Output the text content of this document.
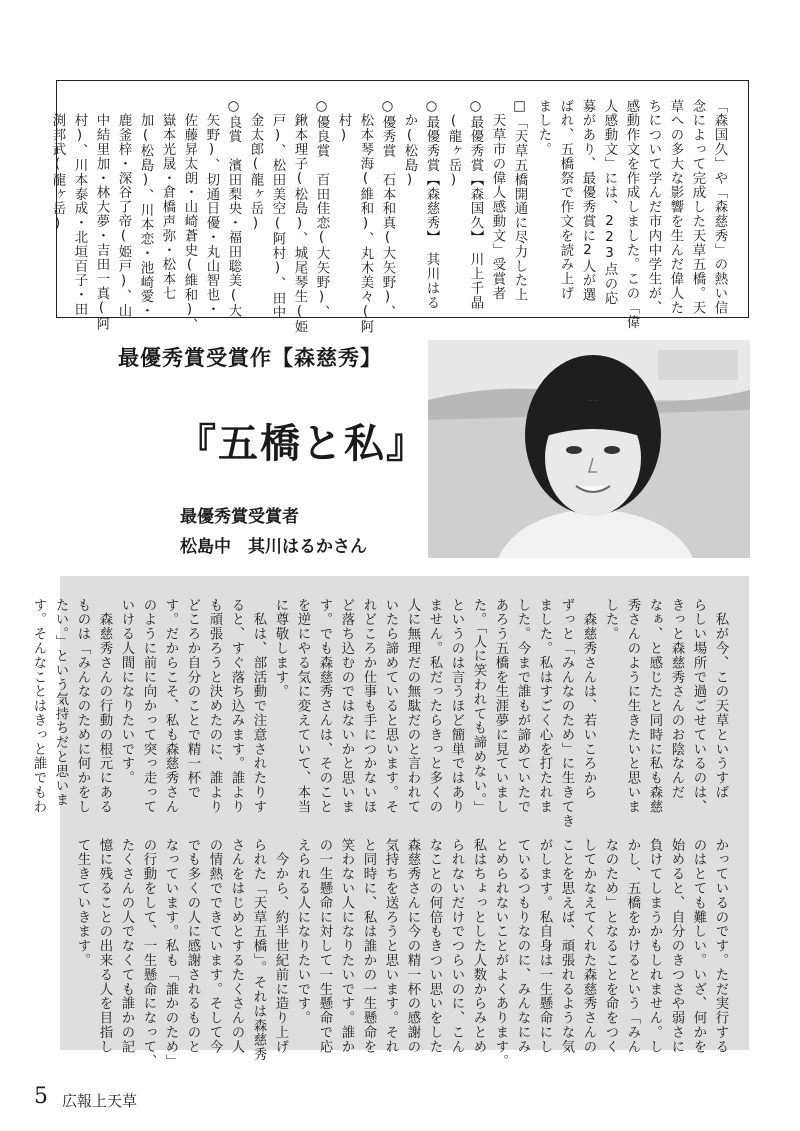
「森国久」や「森慈秀」の熱い信
念によって完成した天草五橋。天
草への多大な影響を生んだ偉人た
ちについて学んだ市内中学生が、
感動作文を作成しました。この「偉
人感動文」には、223点の応
募があり、最優秀賞に2人が選
ばれ、五橋祭で作文を読み上げ
ました。
□「天草五橋開通に尽力した上
　天草市の偉人感動文」受賞者
○最優秀賞【森国久】　川上千晶
　(龍ヶ岳)
○最優秀賞【森慈秀】　其川はる
　か(松島)
○優秀賞　石本和真(大矢野)、
　松本琴海(維和)、丸木美々(阿
　村)
○優良賞　百田佳恋(大矢野)、
　鍬本理子(松島)、城尾琴生(姫
　戸)、松田美空(阿村)、田中
　金太郎(龍ヶ岳)
○良賞　濱田梨央・福田聡美(大
　矢野)、切通日優・丸山智也・
　佐藤昇太朗・山崎蒼史(維和)、
　嶽本光晟・倉橋声弥・松本七
　加(松島)、川本恋・池崎愛・
　鹿釜梓・深谷了帝(姫戸)、山
　中結里加・林大夢・吉田一真(阿
　村)、川本泰成・北垣百子・田
　渕邦武(龍ヶ岳)
最優秀賞受賞作【森慈秀】
『五橋と私』
最優秀賞受賞者
松島中　其川はるかさん
　私が今、この天草というすば
らしい場所で過ごせているのは、
きっと森慈秀さんのお陰なんだ
なぁ、と感じたと同時に私も森慈
秀さんのように生きたいと思いま
した。
　森慈秀さんは、若いころから
ずっと「みんなのため」に生きてき
ました。私はすごく心を打たれま
した。今まで誰もが諦めていたで
あろう五橋を生涯夢に見ていまし
た。「人に笑われても諦めない。」
というのは言うほど簡単ではあり
ません。私だったらきっと多くの
人に無理だの無駄だのと言われて
いたら諦めていると思います。そ
れどころか仕事も手につかないほ
ど落ち込むのではないかと思いま
す。でも森慈秀さんは、そのこと
を逆にやる気に変えていて、本当
に尊敬します。
　私は、部活動で注意されたりす
ると、すぐ落ち込みます。誰より
も頑張ろうと決めたのに、誰より
どころか自分のことで精一杯で
す。だからこそ、私も森慈秀さん
のように前に向かって突っ走って
いける人間になりたいです。
　森慈秀さんの行動の根元にある
ものは「みんなのために何かをし
たい。」という気持ちだと思いま
す。そんなことはきっと誰でもわ
かっているのです。ただ実行する
のはとても難しい。いざ、何かを
始めると、自分のきつさや弱さに
負けてしまうかもしれません。し
かし、五橋をかけるという「みん
なのため」となることを命をつく
してかなえてくれた森慈秀さんの
ことを思えば、頑張れるような気
がします。私自身は一生懸命にし
ているつもりなのに、みんなにみ
とめられないことがよくあります。
私はちょっとした人数からみとめ
られないだけでつらいのに、こん
なことの何倍もきつい思いをした
森慈秀さんに今の精一杯の感謝の
気持ちを送ろうと思います。それ
と同時に、私は誰かの一生懸命を
笑わない人になりたいです。誰か
の一生懸命に対して一生懸命で応
えられる人になりたいです。
　今から、約半世紀前に造り上げ
られた「天草五橋」。それは森慈秀
さんをはじめとするたくさんの人
の情熱でできています。そして今
でも多くの人に感謝されるものと
なっています。私も「誰かのため」
の行動をして、一生懸命になって、
たくさんの人でなくても誰かの記
憶に残ることの出来る人を目指し
て生きていきます。
5 広報上天草
